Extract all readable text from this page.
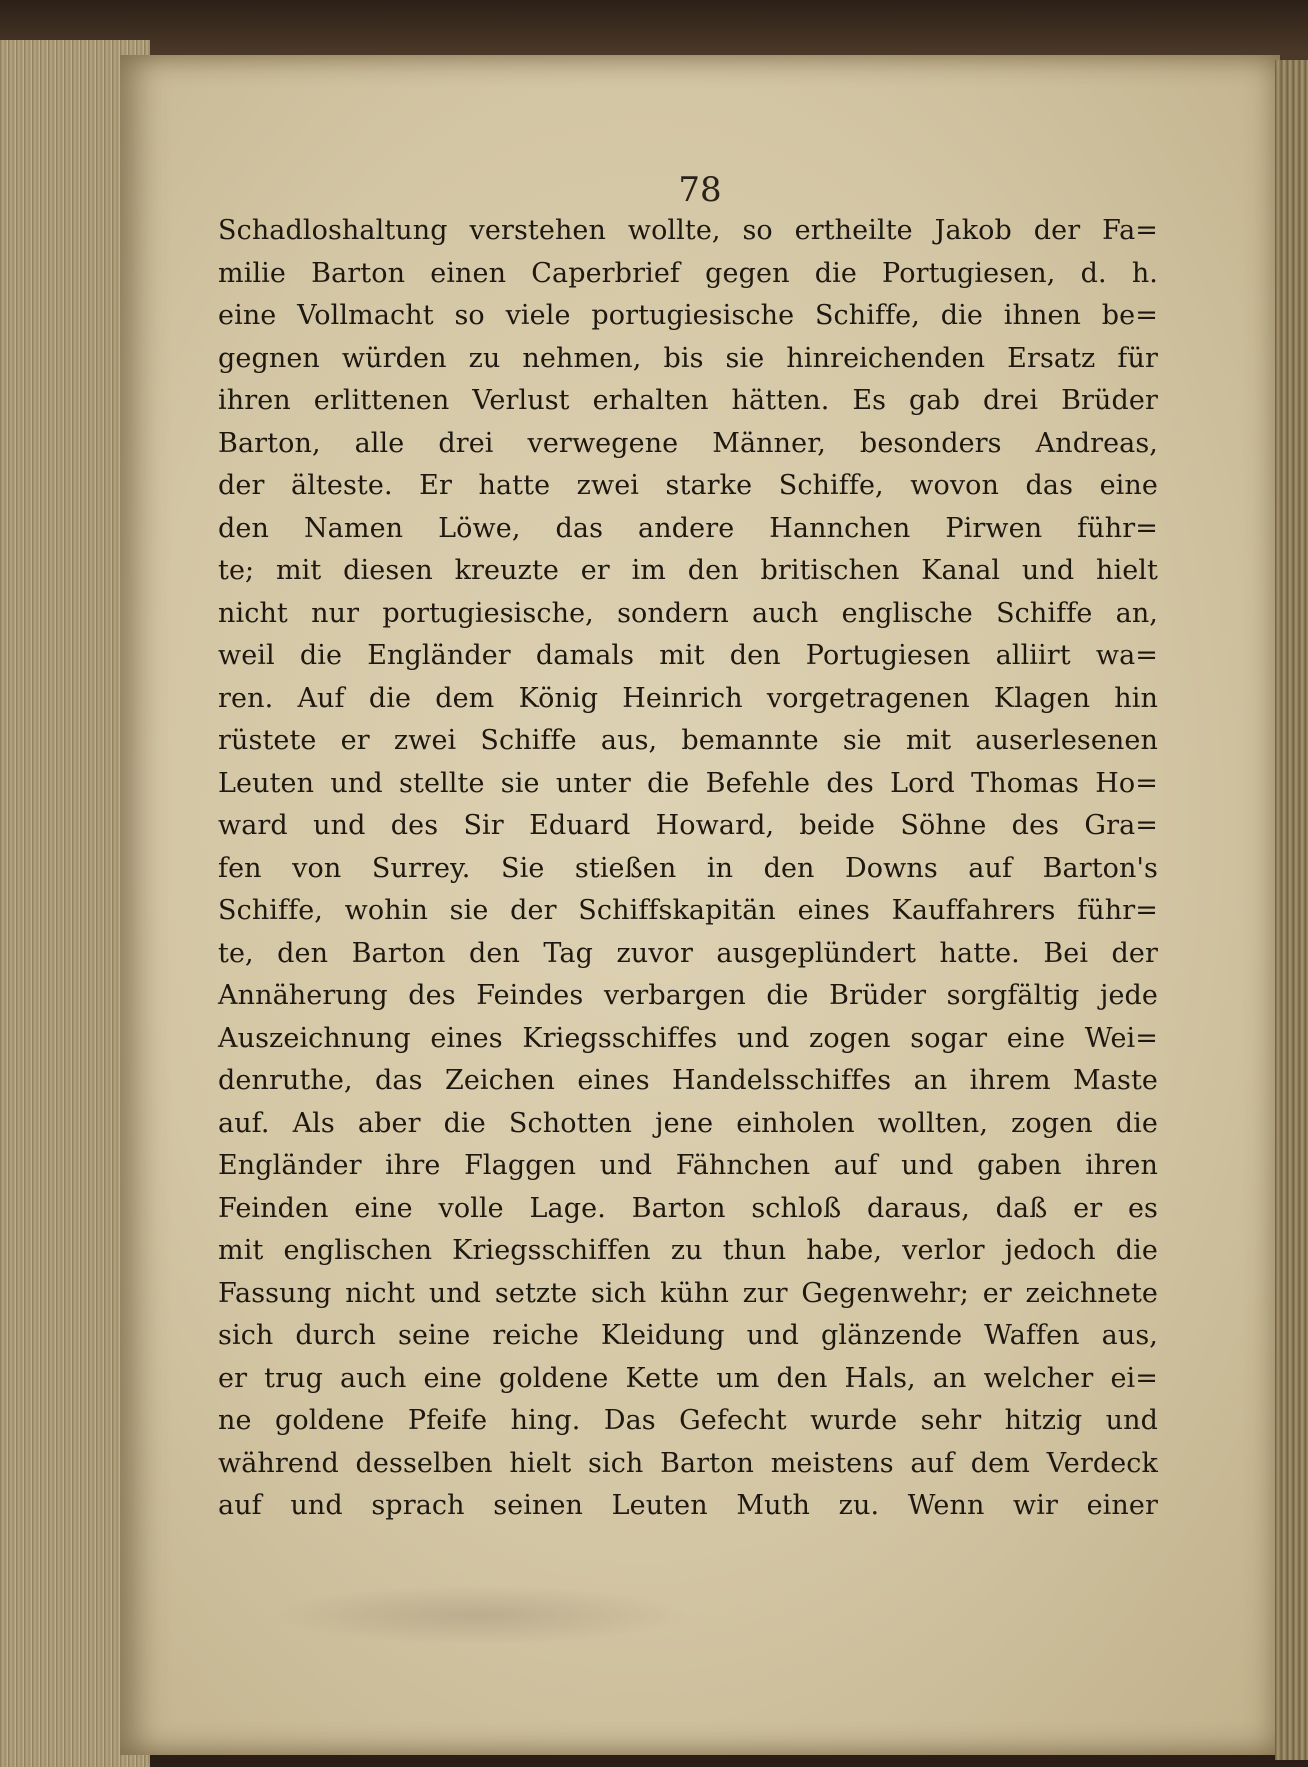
78
Schadloshaltung verstehen wollte, so ertheilte Jakob der Fa=
milie Barton einen Caperbrief gegen die Portugiesen, d. h.
eine Vollmacht so viele portugiesische Schiffe, die ihnen be=
gegnen würden zu nehmen, bis sie hinreichenden Ersatz für
ihren erlittenen Verlust erhalten hätten. Es gab drei Brüder
Barton, alle drei verwegene Männer, besonders Andreas,
der älteste. Er hatte zwei starke Schiffe, wovon das eine
den Namen Löwe, das andere Hannchen Pirwen führ=
te; mit diesen kreuzte er im den britischen Kanal und hielt
nicht nur portugiesische, sondern auch englische Schiffe an,
weil die Engländer damals mit den Portugiesen alliirt wa=
ren. Auf die dem König Heinrich vorgetragenen Klagen hin
rüstete er zwei Schiffe aus, bemannte sie mit auserlesenen
Leuten und stellte sie unter die Befehle des Lord Thomas Ho=
ward und des Sir Eduard Howard, beide Söhne des Gra=
fen von Surrey. Sie stießen in den Downs auf Barton's
Schiffe, wohin sie der Schiffskapitän eines Kauffahrers führ=
te, den Barton den Tag zuvor ausgeplündert hatte. Bei der
Annäherung des Feindes verbargen die Brüder sorgfältig jede
Auszeichnung eines Kriegsschiffes und zogen sogar eine Wei=
denruthe, das Zeichen eines Handelsschiffes an ihrem Maste
auf. Als aber die Schotten jene einholen wollten, zogen die
Engländer ihre Flaggen und Fähnchen auf und gaben ihren
Feinden eine volle Lage. Barton schloß daraus, daß er es
mit englischen Kriegsschiffen zu thun habe, verlor jedoch die
Fassung nicht und setzte sich kühn zur Gegenwehr; er zeichnete
sich durch seine reiche Kleidung und glänzende Waffen aus,
er trug auch eine goldene Kette um den Hals, an welcher ei=
ne goldene Pfeife hing. Das Gefecht wurde sehr hitzig und
während desselben hielt sich Barton meistens auf dem Verdeck
auf und sprach seinen Leuten Muth zu. Wenn wir einer
